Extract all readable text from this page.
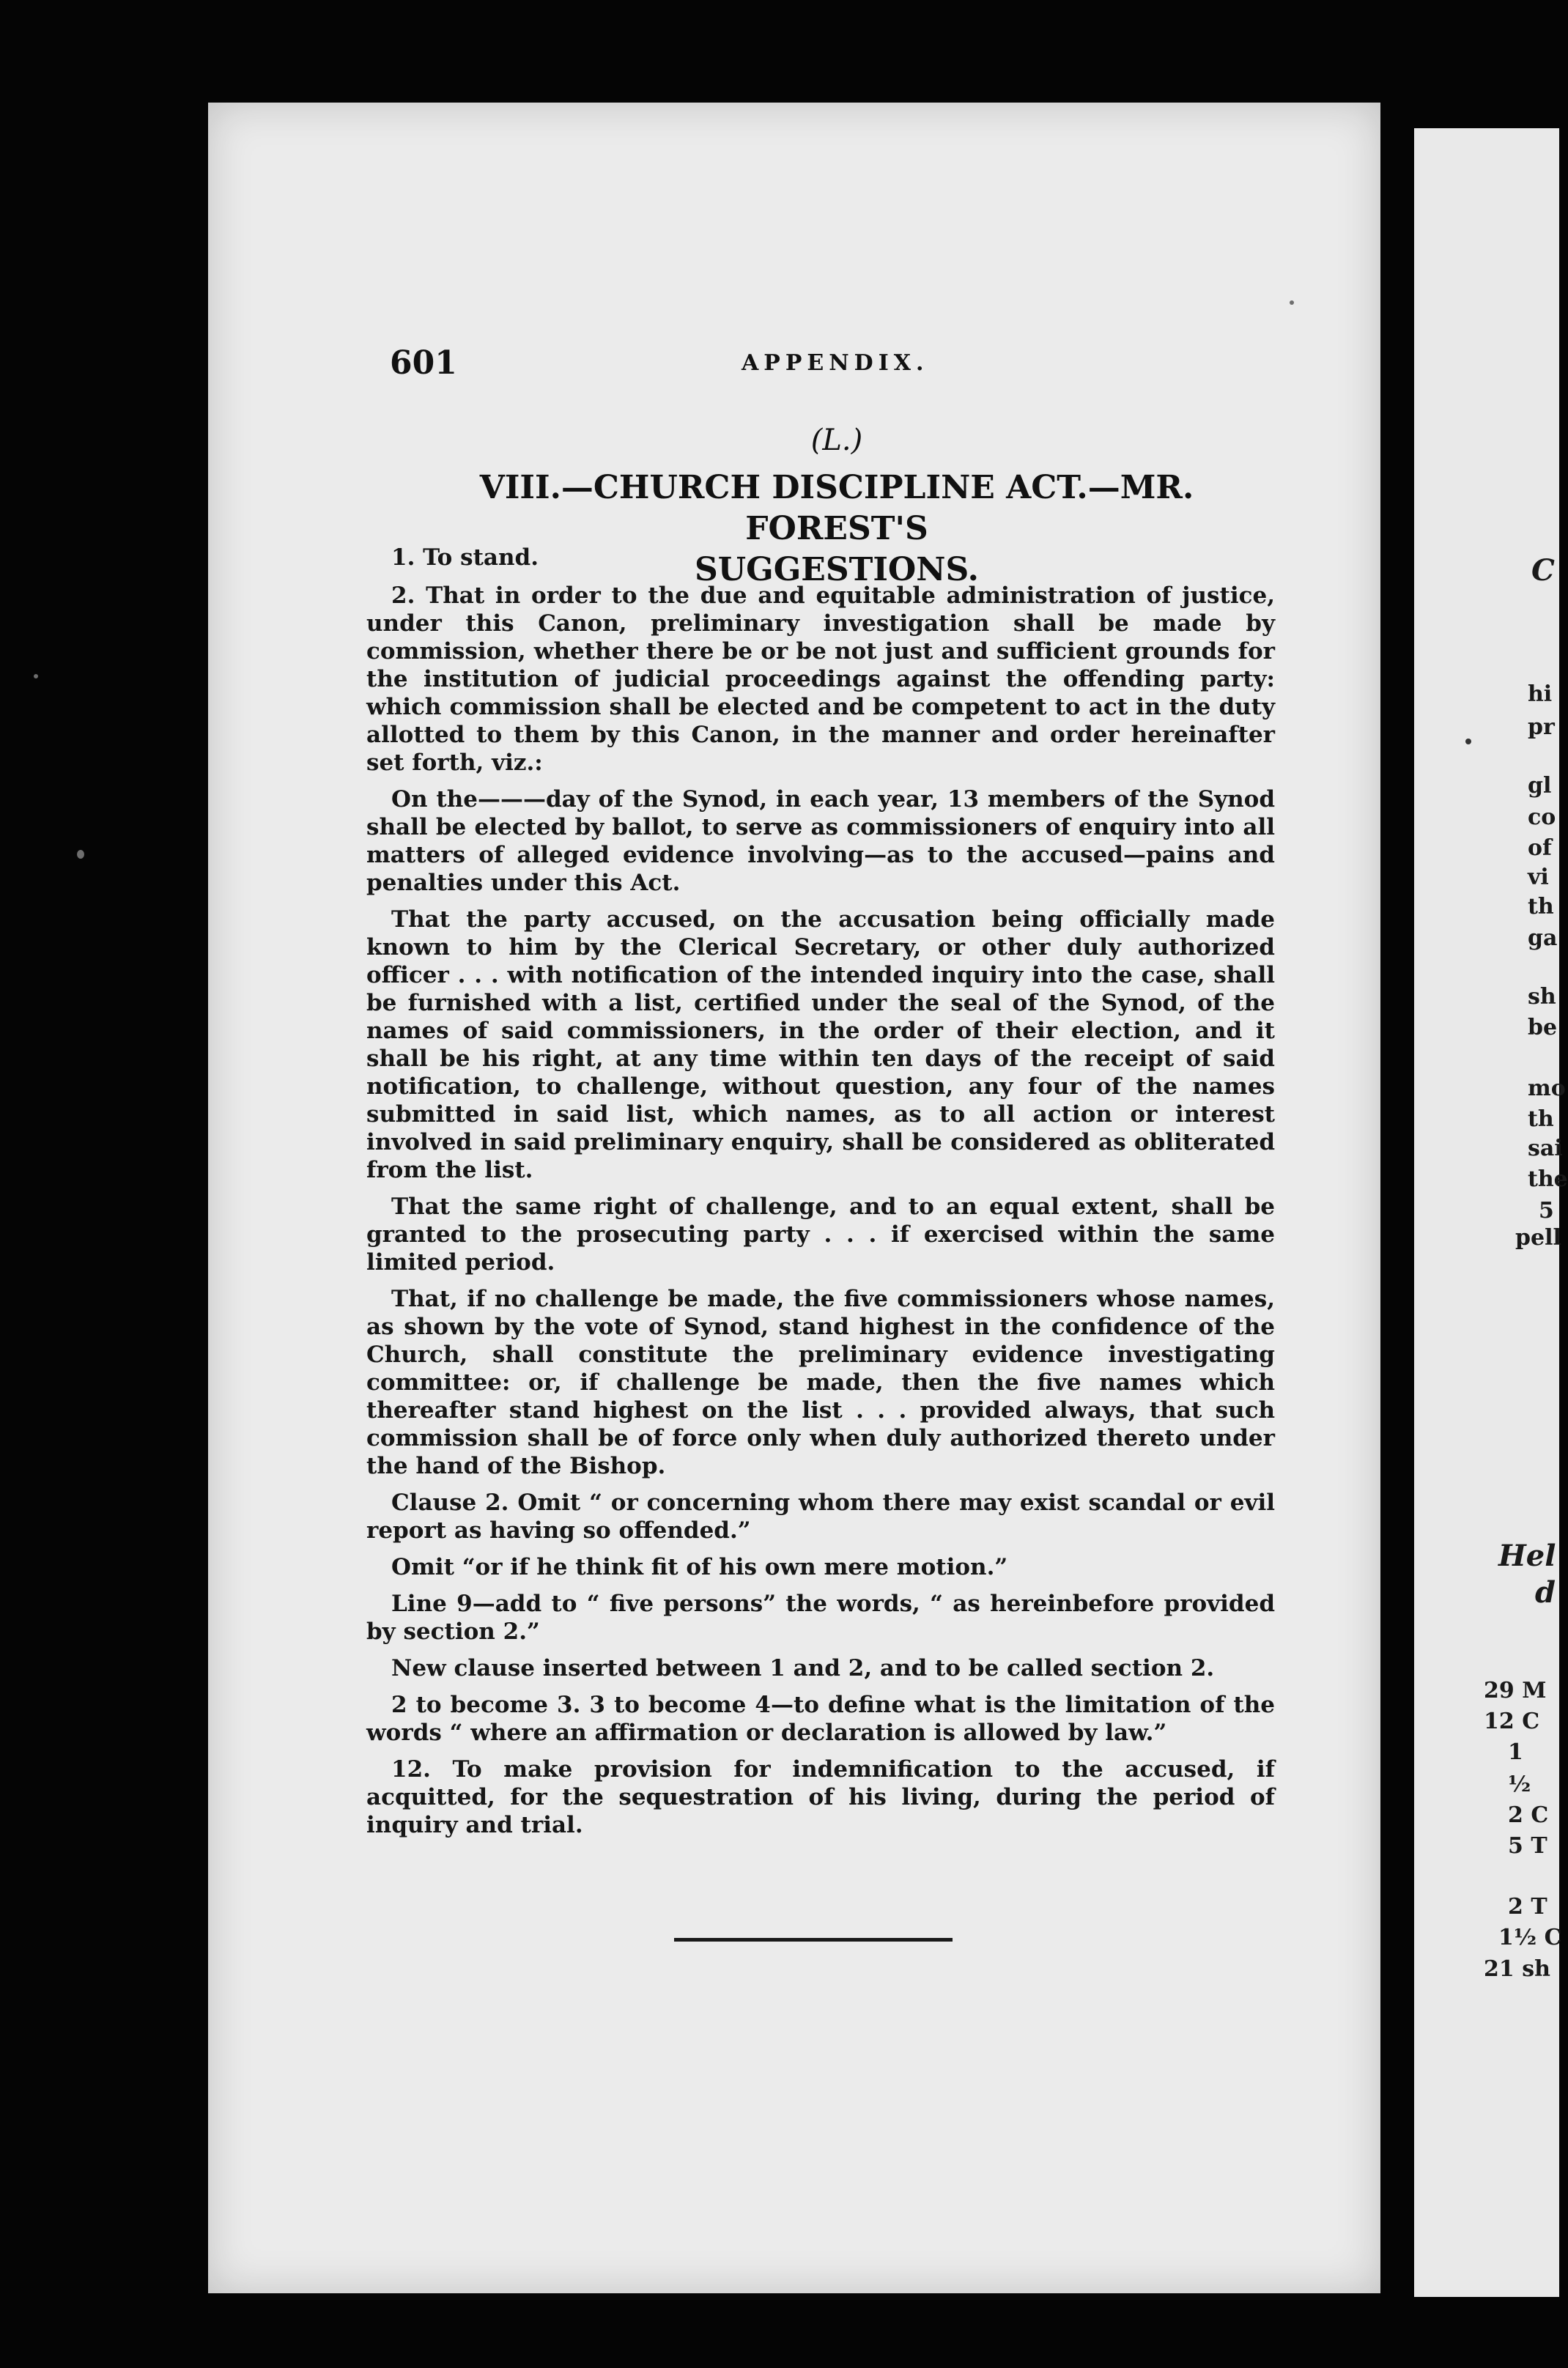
601	APPENDIX.
(L.)
VIII.—CHURCH DISCIPLINE ACT.—MR. FOREST'S
SUGGESTIONS.

1. To stand.

2. That in order to the due and equitable administration of justice, under this Canon, preliminary investigation shall be made by commission, whether there be or be not just and sufficient grounds for the institution of judicial proceedings against the offending party: which commission shall be elected and be competent to act in the duty allotted to them by this Canon, in the manner and order hereinafter set forth, viz.:

On the———day of the Synod, in each year, 13 members of the Synod shall be elected by ballot, to serve as commissioners of enquiry into all matters of alleged evidence involving—as to the accused—pains and penalties under this Act.

That the party accused, on the accusation being officially made known to him by the Clerical Secretary, or other duly authorized officer . . . with notification of the intended inquiry into the case, shall be furnished with a list, certified under the seal of the Synod, of the names of said commissioners, in the order of their election, and it shall be his right, at any time within ten days of the receipt of said notification, to challenge, without question, any four of the names submitted in said list, which names, as to all action or interest involved in said preliminary enquiry, shall be considered as obliterated from the list.

That the same right of challenge, and to an equal extent, shall be granted to the prosecuting party . . . if exercised within the same limited period.

That, if no challenge be made, the five commissioners whose names, as shown by the vote of Synod, stand highest in the confidence of the Church, shall constitute the preliminary evidence investigating committee: or, if challenge be made, then the five names which thereafter stand highest on the list . . . provided always, that such commission shall be of force only when duly authorized thereto under the hand of the Bishop.

Clause 2. Omit “ or concerning whom there may exist scandal or evil report as having so offended.”

Omit “or if he think fit of his own mere motion.”

Line 9—add to “ five persons” the words, “ as hereinbefore provided by section 2.”

New clause inserted between 1 and 2, and to be called section 2.

2 to become 3. 3 to become 4—to define what is the limitation of the words “ where an affirmation or declaration is allowed by law.”

12. To make provision for indemnification to the accused, if acquitted, for the sequestration of his living, during the period of inquiry and trial.

C
hi
pr
gl
co
of
vi
th
ga
sh
be
mo
th
sai
the
5
pell
Hel
d
29 M
12 C
1
½
2 C
5 T
2 T
1½ C
21 sh
